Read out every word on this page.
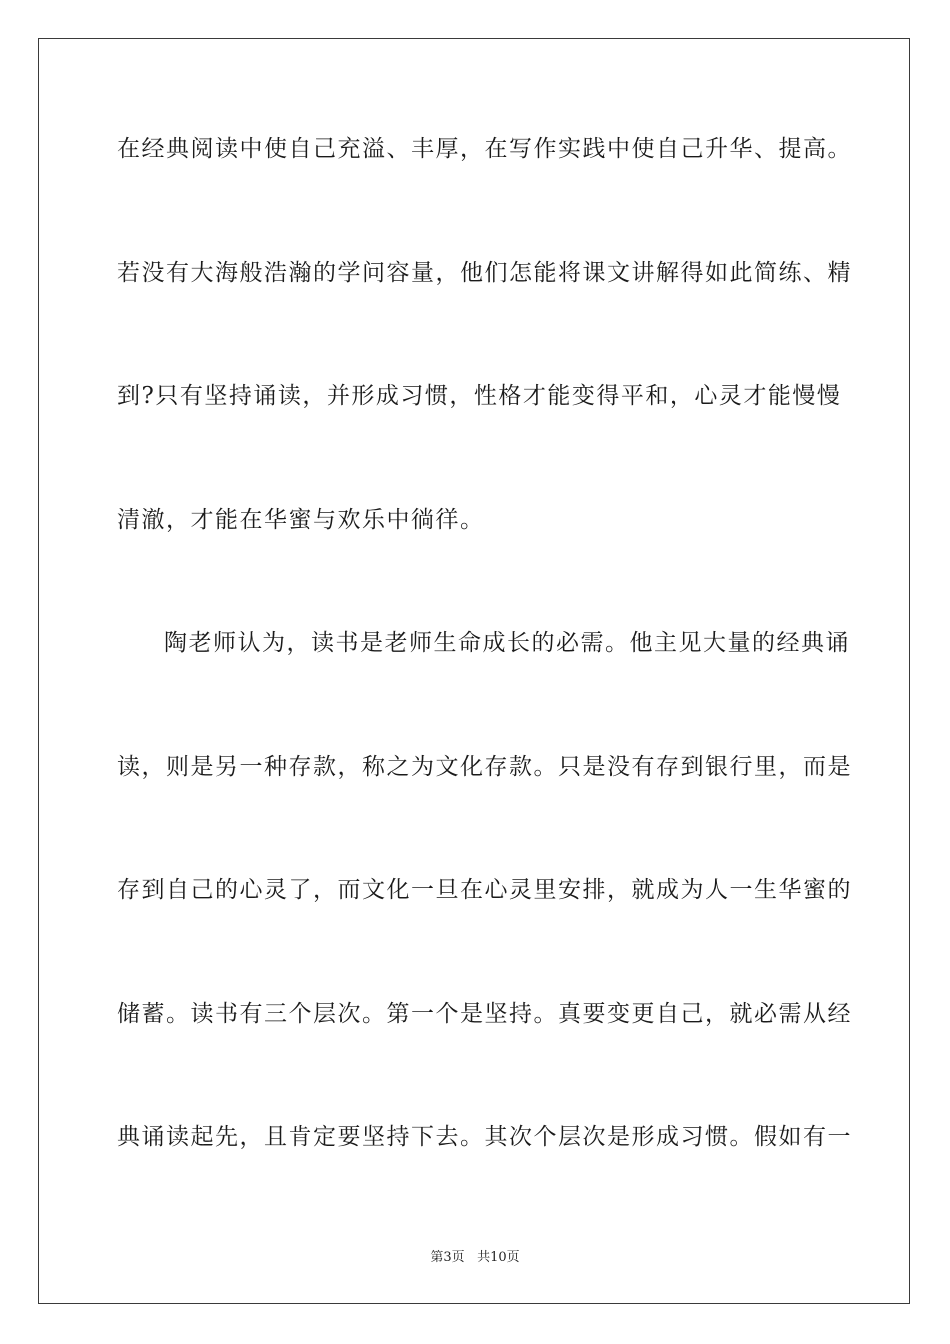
在经典阅读中使自己充溢、丰厚，在写作实践中使自己升华、提高。
若没有大海般浩瀚的学问容量，他们怎能将课文讲解得如此简练、精
到?只有坚持诵读，并形成习惯，性格才能变得平和，心灵才能慢慢
清澈，才能在华蜜与欢乐中徜徉。
陶老师认为，读书是老师生命成长的必需。他主见大量的经典诵
读，则是另一种存款，称之为文化存款。只是没有存到银行里，而是
存到自己的心灵了，而文化一旦在心灵里安排，就成为人一生华蜜的
储蓄。读书有三个层次。第一个是坚持。真要变更自己，就必需从经
典诵读起先，且肯定要坚持下去。其次个层次是形成习惯。假如有一
第3页 共10页
